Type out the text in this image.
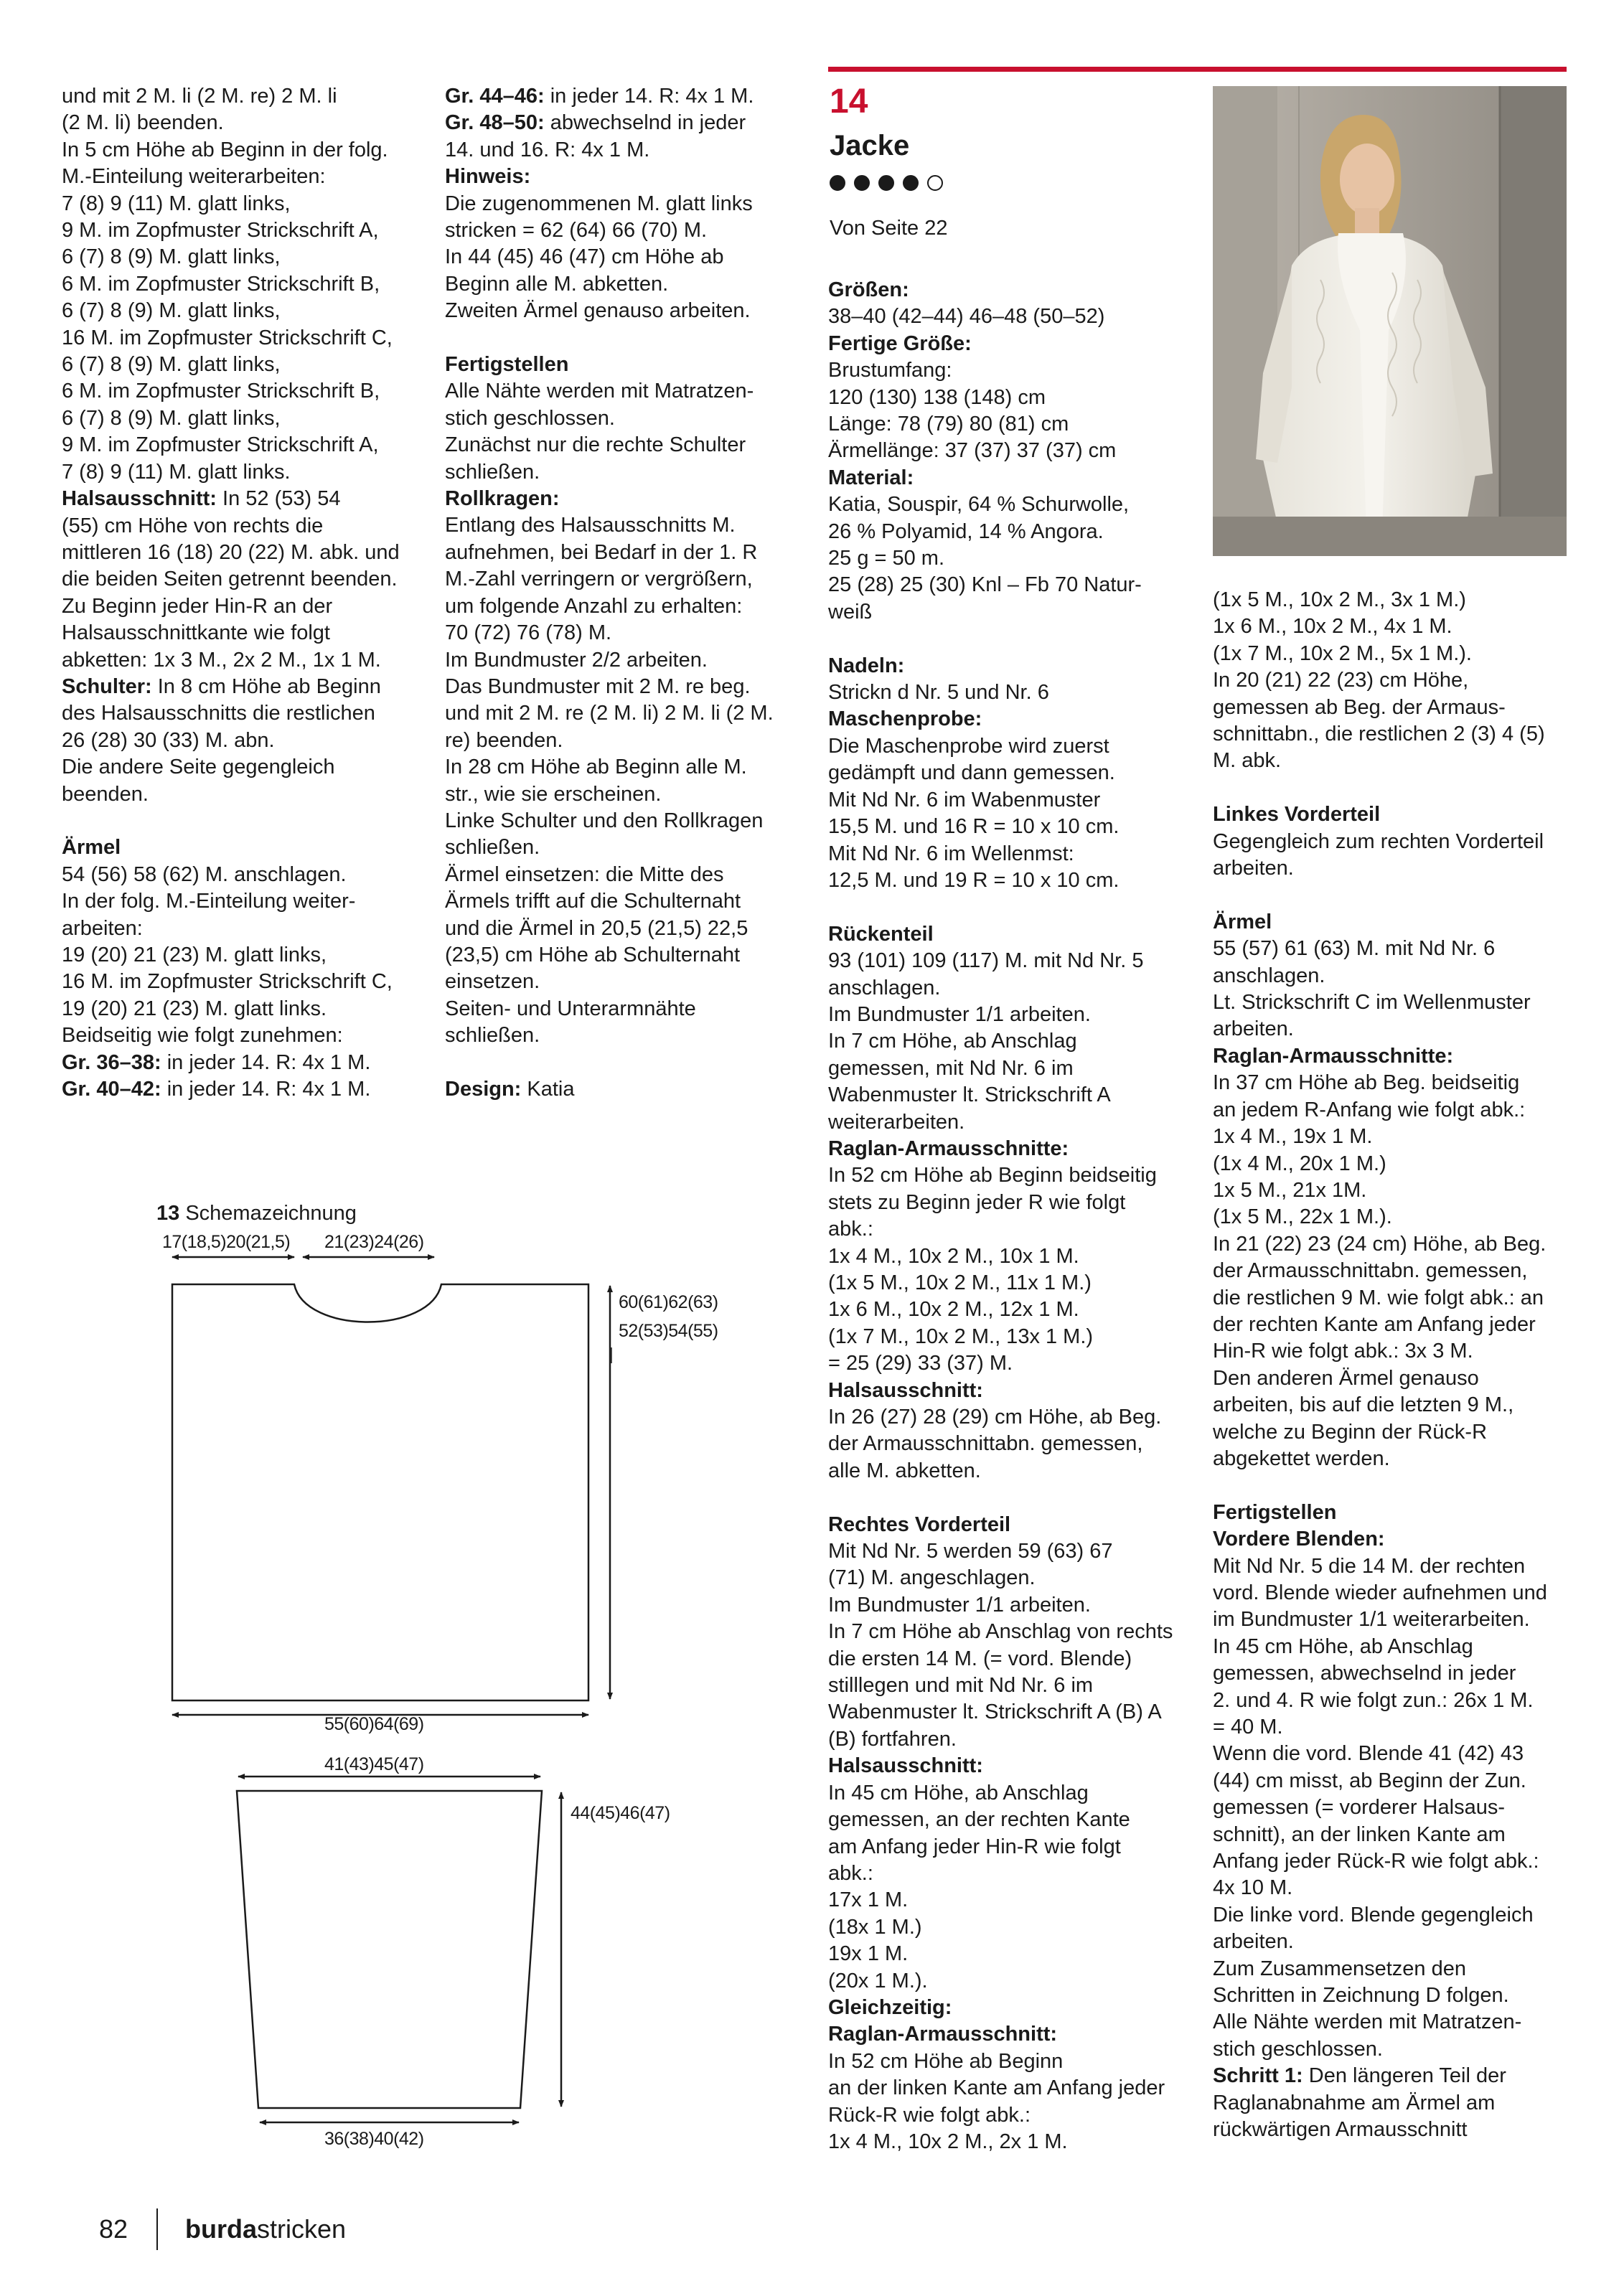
und mit 2 M. li (2 M. re) 2 M. li

(2 M. li) beenden.

In 5 cm Höhe ab Beginn in der folg.

M.-Einteilung weiterarbeiten:

7 (8) 9 (11) M. glatt links,

9 M. im Zopfmuster Strickschrift A,

6 (7) 8 (9) M. glatt links,

6 M. im Zopfmuster Strickschrift B,

6 (7) 8 (9) M. glatt links,

16 M. im Zopfmuster Strickschrift C,

6 (7) 8 (9) M. glatt links,

6 M. im Zopfmuster Strickschrift B,

6 (7) 8 (9) M. glatt links,

9 M. im Zopfmuster Strickschrift A,

7 (8) 9 (11) M. glatt links.

Halsausschnitt: In 52 (53) 54

(55) cm Höhe von rechts die

mittleren 16 (18) 20 (22) M. abk. und

die beiden Seiten getrennt beenden.

Zu Beginn jeder Hin-R an der

Halsausschnittkante wie folgt

abketten: 1x 3 M., 2x 2 M., 1x 1 M.

Schulter: In 8 cm Höhe ab Beginn

des Halsausschnitts die restlichen

26 (28) 30 (33) M. abn.

Die andere Seite gegengleich

beenden.

Ärmel

54 (56) 58 (62) M. anschlagen.

In der folg. M.-Einteilung weiter-

arbeiten:

19 (20) 21 (23) M. glatt links,

16 M. im Zopfmuster Strickschrift C,

19 (20) 21 (23) M. glatt links.

Beidseitig wie folgt zunehmen:

Gr. 36–38: in jeder 14. R: 4x 1 M.

Gr. 40–42: in jeder 14. R: 4x 1 M.

Gr. 44–46: in jeder 14. R: 4x 1 M.

Gr. 48–50: abwechselnd in jeder

14. und 16. R: 4x 1 M.

Hinweis:

Die zugenommenen M. glatt links

stricken = 62 (64) 66 (70) M.

In 44 (45) 46 (47) cm Höhe ab

Beginn alle M. abketten.

Zweiten Ärmel genauso arbeiten.

Fertigstellen

Alle Nähte werden mit Matratzen-

stich geschlossen.

Zunächst nur die rechte Schulter

schließen.

Rollkragen:

Entlang des Halsausschnitts M.

aufnehmen, bei Bedarf in der 1. R

M.-Zahl verringern or vergrößern,

um folgende Anzahl zu erhalten:

70 (72) 76 (78) M.

Im Bundmuster 2/2 arbeiten.

Das Bundmuster mit 2 M. re beg.

und mit 2 M. re (2 M. li) 2 M. li (2 M.

re) beenden.

In 28 cm Höhe ab Beginn alle M.

str., wie sie erscheinen.

Linke Schulter und den Rollkragen

schließen.

Ärmel einsetzen: die Mitte des

Ärmels trifft auf die Schulternaht

und die Ärmel in 20,5 (21,5) 22,5

(23,5) cm Höhe ab Schulternaht

einsetzen.

Seiten- und Unterarmnähte

schließen.

Design: Katia

14
Jacke
Von Seite 22

Größen:

38–40 (42–44) 46–48 (50–52)

Fertige Größe:

Brustumfang:

120 (130) 138 (148) cm

Länge: 78 (79) 80 (81) cm

Ärmellänge: 37 (37) 37 (37) cm

Material:

Katia, Souspir, 64 % Schurwolle,

26 % Polyamid, 14 % Angora.

25 g = 50 m.

25 (28) 25 (30) Knl – Fb 70 Natur-

weiß

Nadeln:

Strickn d Nr. 5 und Nr. 6

Maschenprobe:

Die Maschenprobe wird zuerst

gedämpft und dann gemessen.

Mit Nd Nr. 6 im Wabenmuster

15,5 M. und 16 R = 10 x 10 cm.

Mit Nd Nr. 6 im Wellenmst:

12,5 M. und 19 R = 10 x 10 cm.

Rückenteil

93 (101) 109 (117) M. mit Nd Nr. 5

anschlagen.

Im Bundmuster 1/1 arbeiten.

In 7 cm Höhe, ab Anschlag

gemessen, mit Nd Nr. 6 im

Wabenmuster lt. Strickschrift A

weiterarbeiten.

Raglan-Armausschnitte:

In 52 cm Höhe ab Beginn beidseitig

stets zu Beginn jeder R wie folgt

abk.:

1x 4 M., 10x 2 M., 10x 1 M.

(1x 5 M., 10x 2 M., 11x 1 M.)

1x 6 M., 10x 2 M., 12x 1 M.

(1x 7 M., 10x 2 M., 13x 1 M.)

= 25 (29) 33 (37) M.

Halsausschnitt:

In 26 (27) 28 (29) cm Höhe, ab Beg.

der Armausschnittabn. gemessen,

alle M. abketten.

Rechtes Vorderteil

Mit Nd Nr. 5 werden 59 (63) 67

(71) M. angeschlagen.

Im Bundmuster 1/1 arbeiten.

In 7 cm Höhe ab Anschlag von rechts

die ersten 14 M. (= vord. Blende)

stilllegen und mit Nd Nr. 6 im

Wabenmuster lt. Strickschrift A (B) A

(B) fortfahren.

Halsausschnitt:

In 45 cm Höhe, ab Anschlag

gemessen, an der rechten Kante

am Anfang jeder Hin-R wie folgt

abk.:

17x 1 M.

(18x 1 M.)

19x 1 M.

(20x 1 M.).

Gleichzeitig:

Raglan-Armausschnitt:

In 52 cm Höhe ab Beginn

an der linken Kante am Anfang jeder

Rück-R wie folgt abk.:

1x 4 M., 10x 2 M., 2x 1 M.

(1x 5 M., 10x 2 M., 3x 1 M.)

1x 6 M., 10x 2 M., 4x 1 M.

(1x 7 M., 10x 2 M., 5x 1 M.).

In 20 (21) 22 (23) cm Höhe,

gemessen ab Beg. der Armaus-

schnittabn., die restlichen 2 (3) 4 (5)

M. abk.

Linkes Vorderteil

Gegengleich zum rechten Vorderteil

arbeiten.

Ärmel

55 (57) 61 (63) M. mit Nd Nr. 6

anschlagen.

Lt. Strickschrift C im Wellenmuster

arbeiten.

Raglan-Armausschnitte:

In 37 cm Höhe ab Beg. beidseitig

an jedem R-Anfang wie folgt abk.:

1x 4 M., 19x 1 M.

(1x 4 M., 20x 1 M.)

1x 5 M., 21x 1M.

(1x 5 M., 22x 1 M.).

In 21 (22) 23 (24 cm) Höhe, ab Beg.

der Armausschnittabn. gemessen,

die restlichen 9 M. wie folgt abk.: an

der rechten Kante am Anfang jeder

Hin-R wie folgt abk.: 3x 3 M.

Den anderen Ärmel genauso

arbeiten, bis auf die letzten 9 M.,

welche zu Beginn der Rück-R

abgekettet werden.

Fertigstellen

Vordere Blenden:

Mit Nd Nr. 5 die 14 M. der rechten

vord. Blende wieder aufnehmen und

im Bundmuster 1/1 weiterarbeiten.

In 45 cm Höhe, ab Anschlag

gemessen, abwechselnd in jeder

2. und 4. R wie folgt zun.: 26x 1 M.

= 40 M.

Wenn die vord. Blende 41 (42) 43

(44) cm misst, ab Beginn der Zun.

gemessen (= vorderer Halsaus-

schnitt), an der linken Kante am

Anfang jeder Rück-R wie folgt abk.:

4x 10 M.

Die linke vord. Blende gegengleich

arbeiten.

Zum Zusammensetzen den

Schritten in Zeichnung D folgen.

Alle Nähte werden mit Matratzen-

stich geschlossen.

Schritt 1: Den längeren Teil der

Raglanabnahme am Ärmel am

rückwärtigen Armausschnitt

13 Schemazeichnung
17(18,5)20(21,5) 21(23)24(26)
60(61)62(63)
52(53)54(55)
55(60)64(69)
41(43)45(47)
44(45)46(47)
36(38)40(42)
82 burdastricken
